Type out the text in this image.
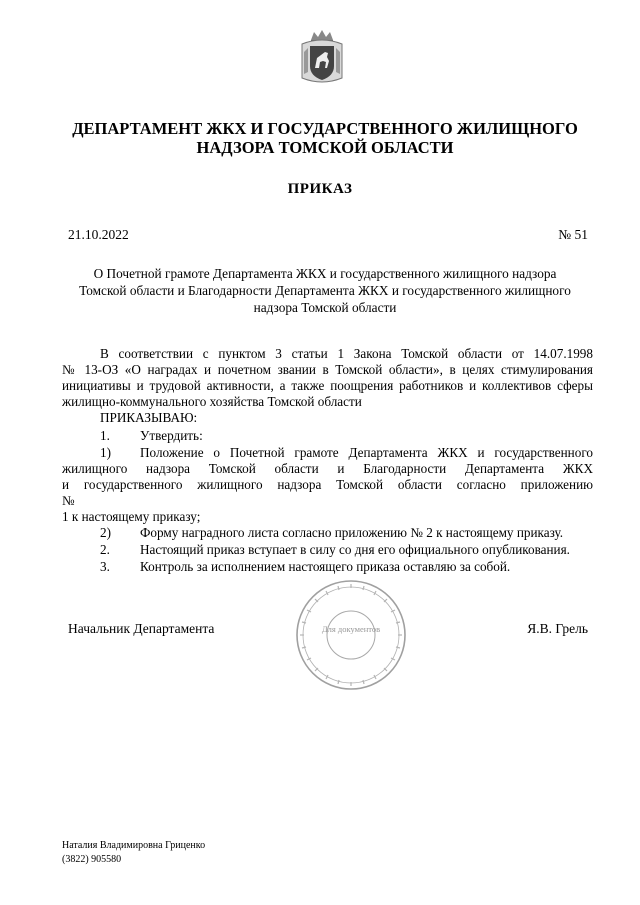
ДЕПАРТАМЕНТ ЖКХ И ГОСУДАРСТВЕННОГО ЖИЛИЩНОГО
НАДЗОРА ТОМСКОЙ ОБЛАСТИ
ПРИКАЗ
21.10.2022	№ 51
О Почетной грамоте Департамента ЖКХ и государственного жилищного надзора
Томской области и Благодарности Департамента ЖКХ и государственного жилищного
надзора Томской области
В соответствии с пунктом 3 статьи 1 Закона Томской области от 14.07.1998
№ 13-ОЗ «О наградах и почетном звании в Томской области», в целях стимулирования
инициативы и трудовой активности, а также поощрения работников и коллективов сферы
жилищно-коммунального хозяйства Томской области
ПРИКАЗЫВАЮ:
1. Утвердить:
1) Положение о Почетной грамоте Департамента ЖКХ и государственного
жилищного надзора Томской области и Благодарности Департамента ЖКХ
и государственного жилищного надзора Томской области согласно приложению
№
1 к настоящему приказу;
2) Форму наградного листа согласно приложению № 2 к настоящему приказу.
2. Настоящий приказ вступает в силу со дня его официального опубликования.
3. Контроль за исполнением настоящего приказа оставляю за собой.
Для документов
Начальник Департамента	Я.В. Грель
Наталия Владимировна Гриценко
(3822) 905580
